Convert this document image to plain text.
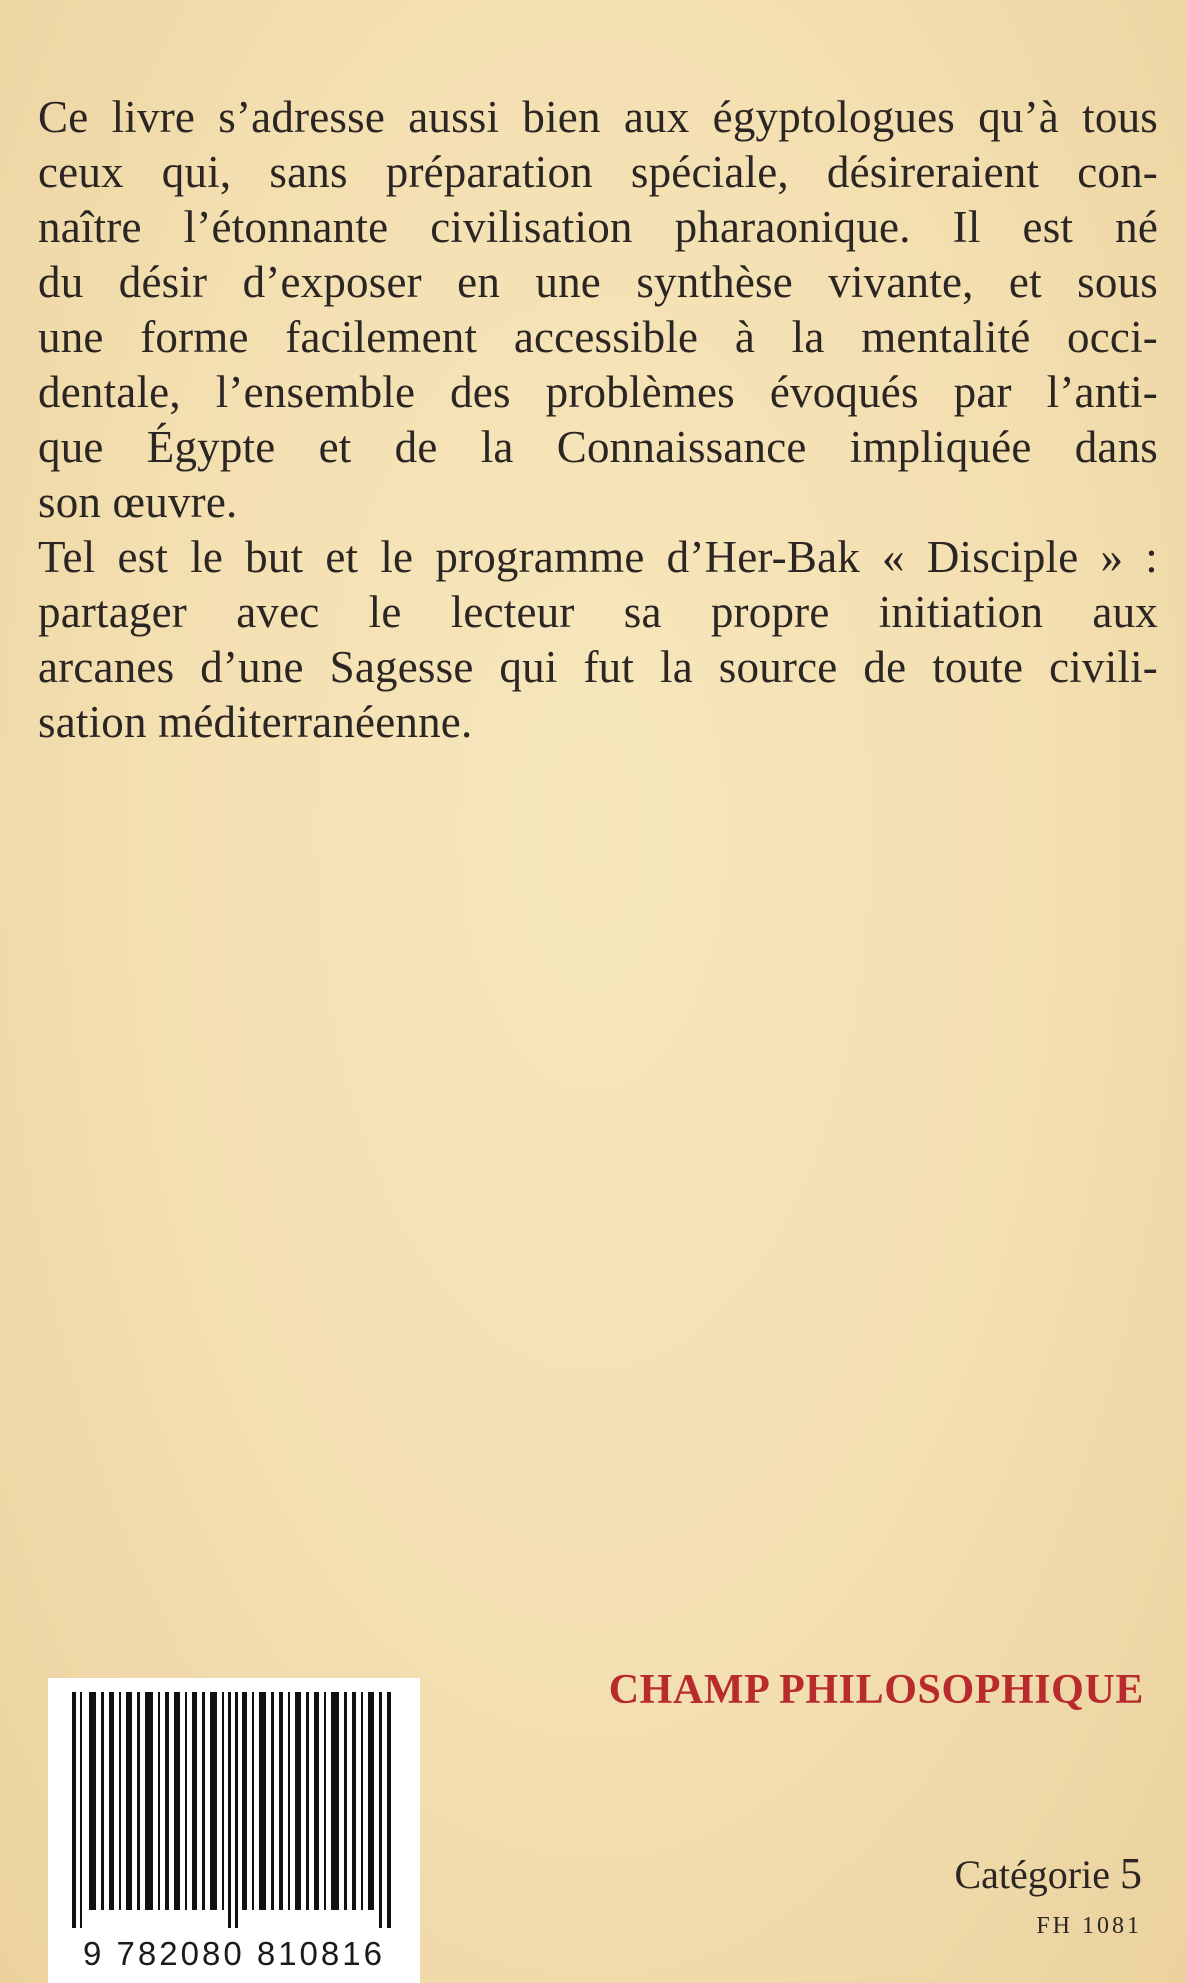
Ce livre s’adresse aussi bien aux égyptologues qu’à tous
ceux qui, sans préparation spéciale, désireraient con-
naître l’étonnante civilisation pharaonique. Il est né
du désir d’exposer en une synthèse vivante, et sous
une forme facilement accessible à la mentalité occi-
dentale, l’ensemble des problèmes évoqués par l’anti-
que Égypte et de la Connaissance impliquée dans
son œuvre.
Tel est le but et le programme d’Her-Bak « Disciple » :
partager avec le lecteur sa propre initiation aux
arcanes d’une Sagesse qui fut la source de toute civili-
sation méditerranéenne.
CHAMP PHILOSOPHIQUE
Catégorie 5
FH 1081
9 782080 810816
